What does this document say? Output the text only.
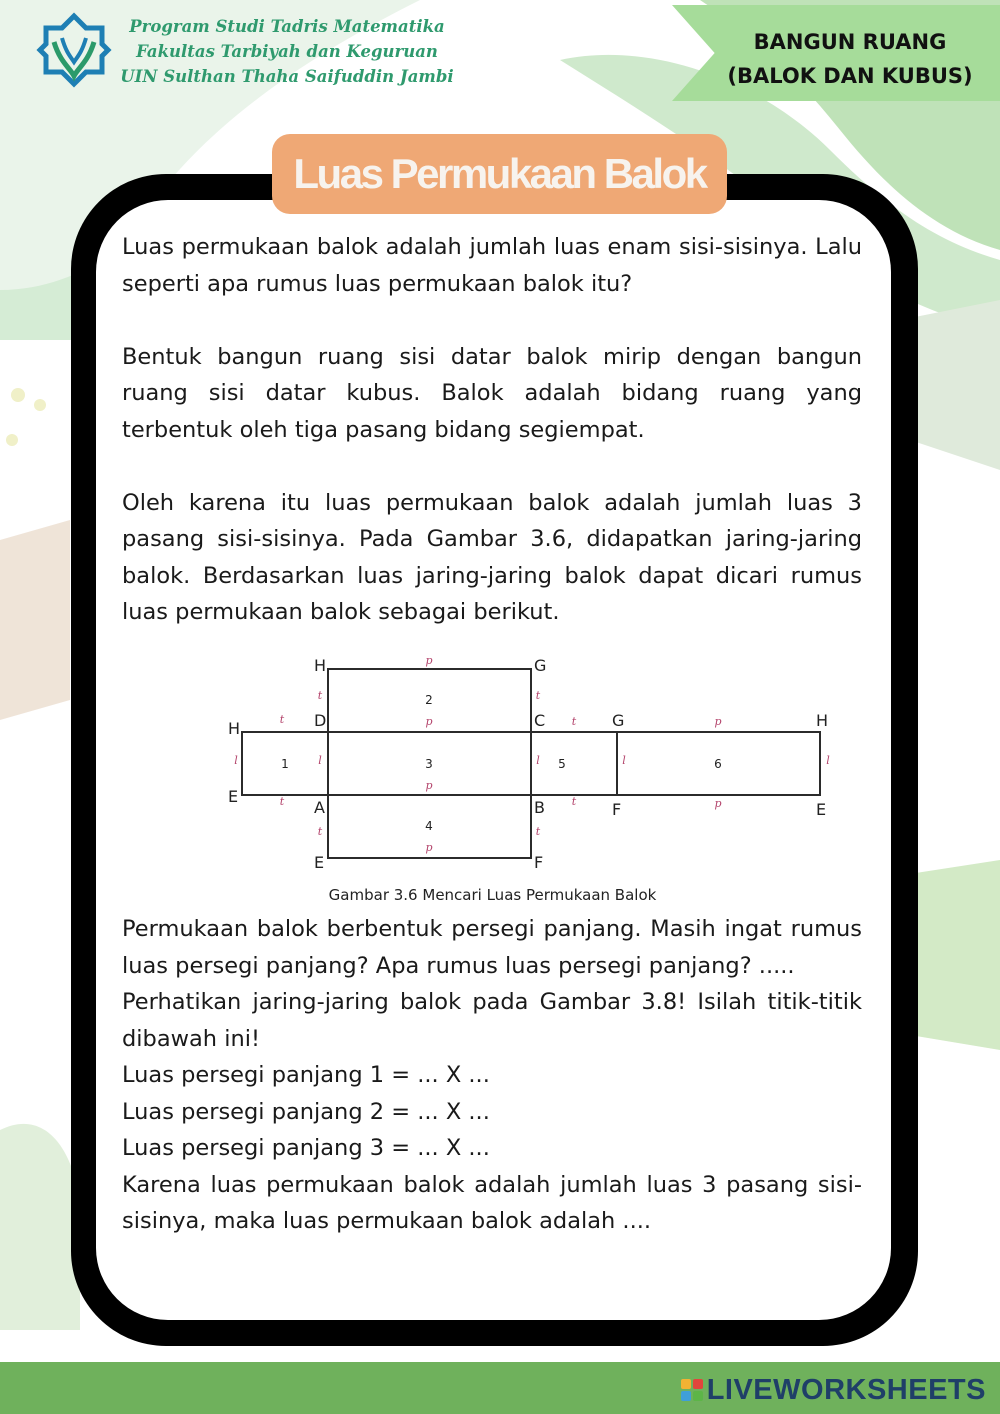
Program Studi Tadris Matematika
Fakultas Tarbiyah dan Keguruan
UIN Sulthan Thaha Saifuddin Jambi
BANGUN RUANG
(BALOK DAN KUBUS)
Luas Permukaan Balok

Luas permukaan balok adalah jumlah luas enam sisi-sisinya. Lalu seperti apa rumus luas permukaan balok itu?

Bentuk bangun ruang sisi datar balok mirip dengan bangun ruang sisi datar kubus. Balok adalah bidang ruang yang terbentuk oleh tiga pasang bidang segiempat.

Oleh karena itu luas permukaan balok adalah jumlah luas 3 pasang sisi-sisinya. Pada Gambar 3.6, didapatkan jaring-jaring balok. Berdasarkan luas jaring-jaring balok dapat dicari rumus luas permukaan balok sebagai berikut.

H	G
H	D	C	G	H
E
A	B	F	E
E	F
1
2
3
4
5	6
p
p
p
p
p
p
t	t
t	t
t	t
t	t
l	l	l	l	l
Gambar 3.6 Mencari Luas Permukaan Balok

Permukaan balok berbentuk persegi panjang. Masih ingat rumus luas persegi panjang? Apa rumus luas persegi panjang? .....

Perhatikan jaring-jaring balok pada Gambar 3.8! Isilah titik-titik dibawah ini!

Luas persegi panjang 1 = ... X ...

Luas persegi panjang 2 = ... X ...

Luas persegi panjang 3 = ... X ...

Karena luas permukaan balok adalah jumlah luas 3 pasang sisi-sisinya, maka luas permukaan balok adalah ....

LIVEWORKSHEETS
